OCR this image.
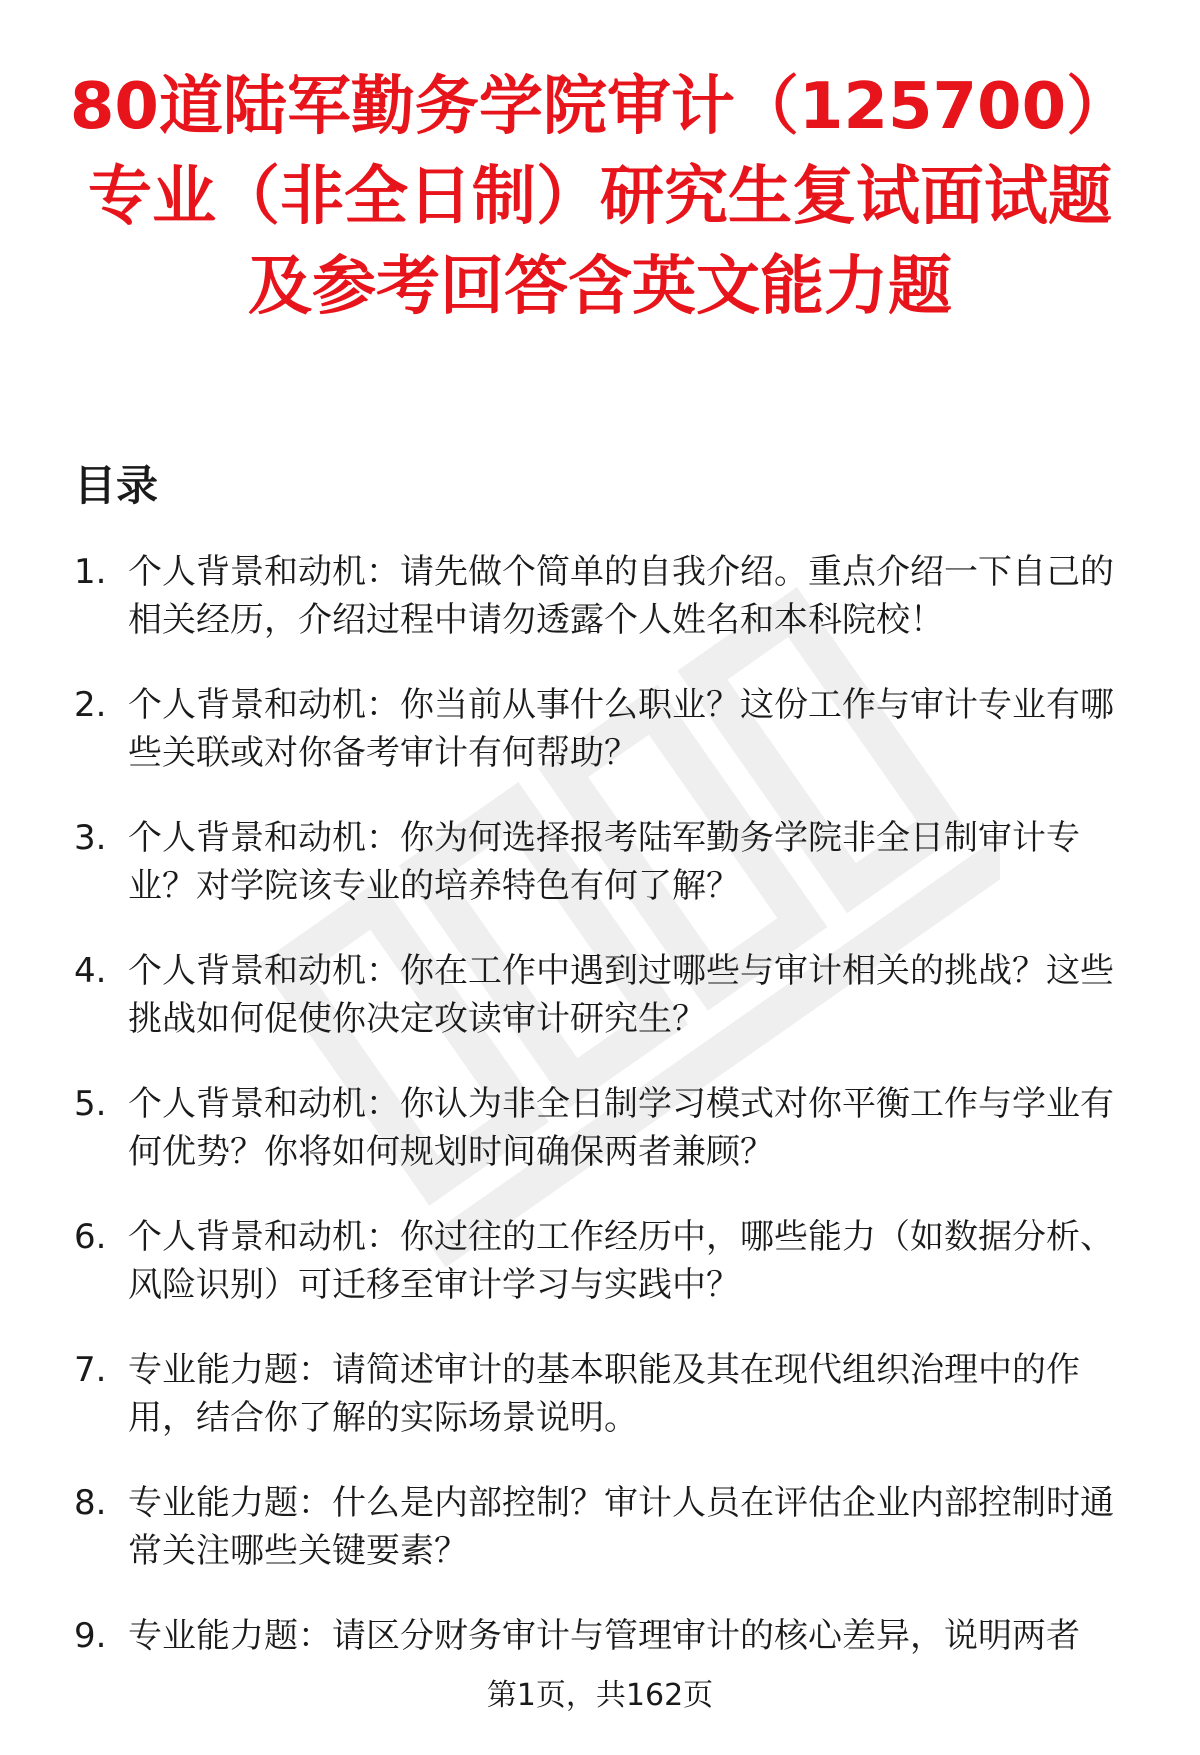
80道陆军勤务学院审计（125700）专业（非全日制）研究生复试面试题及参考回答含英文能力题
目录
1. 个人背景和动机：请先做个简单的自我介绍。重点介绍一下自己的相关经历，介绍过程中请勿透露个人姓名和本科院校！
2. 个人背景和动机：你当前从事什么职业？这份工作与审计专业有哪些关联或对你备考审计有何帮助？
3. 个人背景和动机：你为何选择报考陆军勤务学院非全日制审计专业？对学院该专业的培养特色有何了解？
4. 个人背景和动机：你在工作中遇到过哪些与审计相关的挑战？这些挑战如何促使你决定攻读审计研究生？
5. 个人背景和动机：你认为非全日制学习模式对你平衡工作与学业有何优势？你将如何规划时间确保两者兼顾？
6. 个人背景和动机：你过往的工作经历中，哪些能力（如数据分析、风险识别）可迁移至审计学习与实践中？
7. 专业能力题：请简述审计的基本职能及其在现代组织治理中的作用，结合你了解的实际场景说明。
8. 专业能力题：什么是内部控制？审计人员在评估企业内部控制时通常关注哪些关键要素？
9. 专业能力题：请区分财务审计与管理审计的核心差异，说明两者
第1页，共162页
